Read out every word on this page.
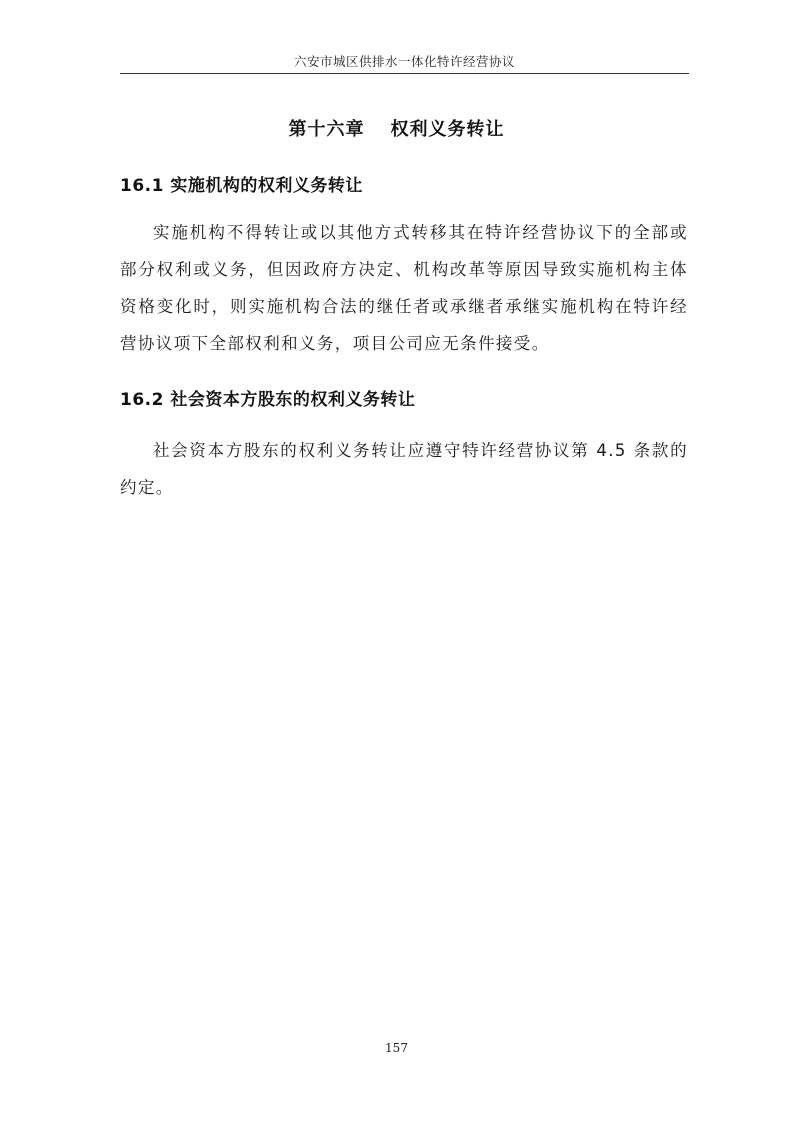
六安市城区供排水一体化特许经营协议
第十六章 权利义务转让
16.1 实施机构的权利义务转让
实施机构不得转让或以其他方式转移其在特许经营协议下的全部或部分权利或义务，但因政府方决定、机构改革等原因导致实施机构主体资格变化时，则实施机构合法的继任者或承继者承继实施机构在特许经营协议项下全部权利和义务，项目公司应无条件接受。
16.2 社会资本方股东的权利义务转让
社会资本方股东的权利义务转让应遵守特许经营协议第 4.5 条款的约定。
157
